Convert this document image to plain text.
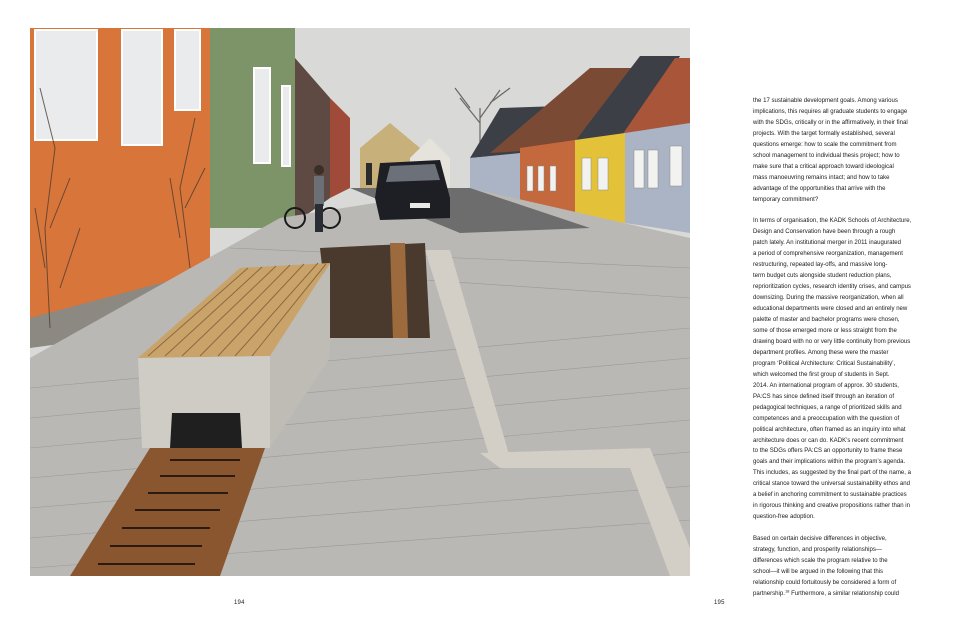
194	195

the 17 sustainable development goals. Among various
implications, this requires all graduate students to engage
with the SDGs, critically or in the affirmatively, in their final
projects. With the target formally established, several
questions emerge: how to scale the commitment from
school management to individual thesis project; how to
make sure that a critical approach toward ideological
mass manoeuvring remains intact; and how to take
advantage of the opportunities that arrive with the
temporary commitment?

In terms of organisation, the KADK Schools of Architecture,
Design and Conservation have been through a rough
patch lately. An institutional merger in 2011 inaugurated
a period of comprehensive reorganization, management
restructuring, repeated lay-offs, and massive long-
term budget cuts alongside student reduction plans,
reprioritization cycles, research identity crises, and campus
downsizing. During the massive reorganization, when all
educational departments were closed and an entirely new
palette of master and bachelor programs were chosen,
some of those emerged more or less straight from the
drawing board with no or very little continuity from previous
department profiles. Among these were the master
program ‘Political Architecture: Critical Sustainability’,
which welcomed the first group of students in Sept.
2014. An international program of approx. 30 students,
PA:CS has since defined itself through an iteration of
pedagogical techniques, a range of prioritized skills and
competences and a preoccupation with the question of
political architecture, often framed as an inquiry into what
architecture does or can do. KADK’s recent commitment
to the SDGs offers PA:CS an opportunity to frame these
goals and their implications within the program’s agenda.
This includes, as suggested by the final part of the name, a
critical stance toward the universal sustainability ethos and
a belief in anchoring commitment to sustainable practices
in rigorous thinking and creative propositions rather than in
question-free adoption.

Based on certain decisive differences in objective,
strategy, function, and prosperity relationships—
differences which scale the program relative to the
school—it will be argued in the following that this
relationship could fortuitously be considered a form of
partnership.$^{18}$ Furthermore, a similar relationship could
